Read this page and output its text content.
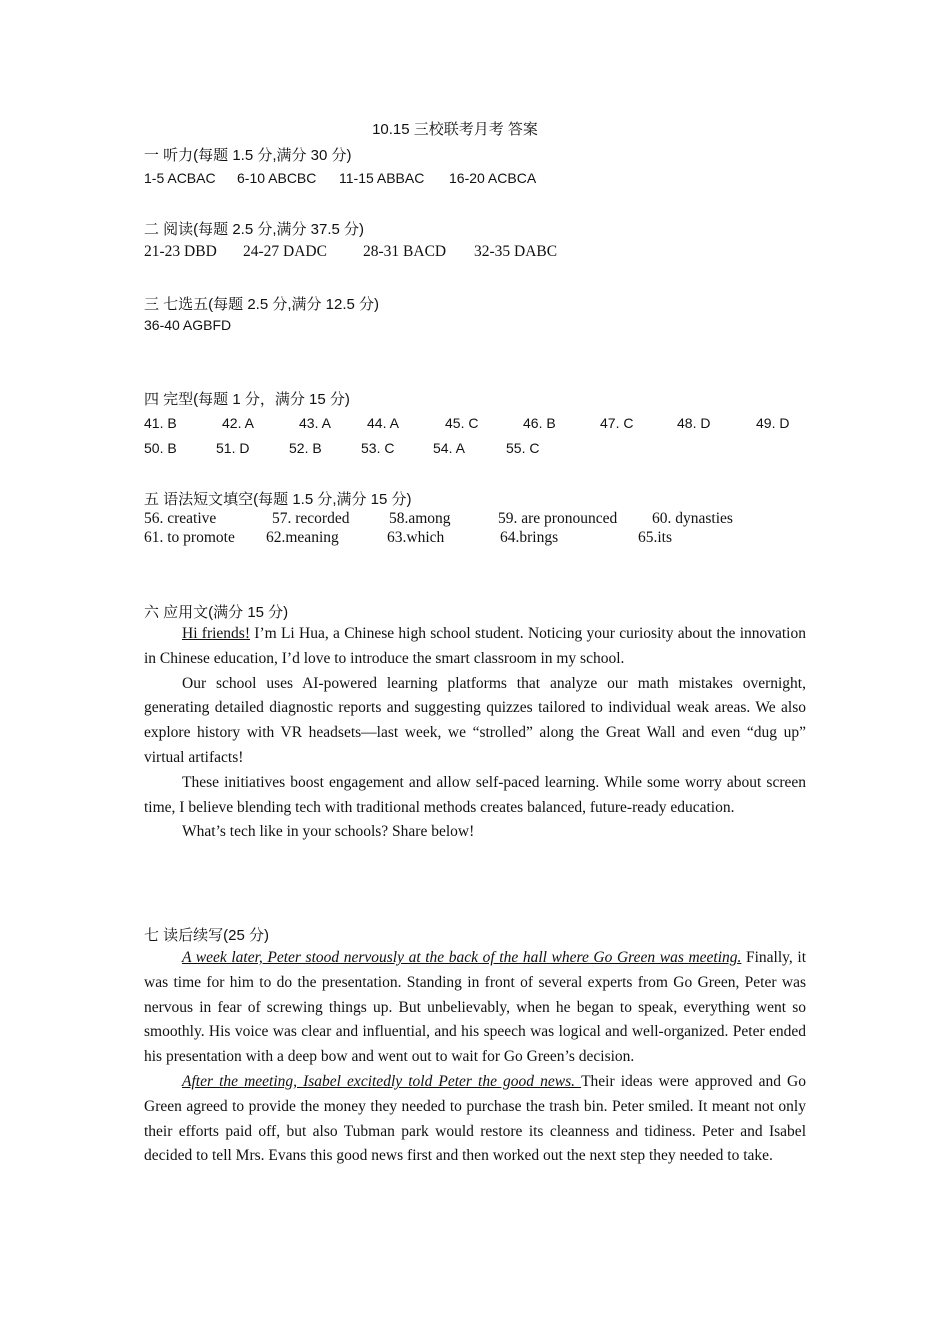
10.15 三校联考月考 答案
一 听力(每题 1.5 分,满分 30 分)
1-5 ACBAC 6-10 ABCBC 11-15 ABBAC 16-20 ACBCA
二 阅读(每题 2.5 分,满分 37.5 分)
21-23 DBD 24-27 DADC 28-31 BACD 32-35 DABC
三 七选五(每题 2.5 分,满分 12.5 分)
36-40 AGBFD
四 完型(每题 1 分，满分 15 分)
41. B	42. A	43. A	44. A	45. C	46. B	47. C	48. D	49. D
50. B	51. D	52. B	53. C	54. A	55. C
五 语法短文填空(每题 1.5 分,满分 15 分)
56. creative	57. recorded	58.among	59. are pronounced 60. dynasties
61. to promote 62.meaning	63.which	64.brings	65.its
六 应用文(满分 15 分)

Hi friends! I’m Li Hua, a Chinese high school student. Noticing your curiosity about the innovation in Chinese education, I’d love to introduce the smart classroom in my school.

Our school uses AI-powered learning platforms that analyze our math mistakes overnight, generating detailed diagnostic reports and suggesting quizzes tailored to individual weak areas. We also explore history with VR headsets—last week, we “strolled” along the Great Wall and even “dug up” virtual artifacts!

These initiatives boost engagement and allow self-paced learning. While some worry about screen time, I believe blending tech with traditional methods creates balanced, future-ready education.

What’s tech like in your schools? Share below!

七 读后续写(25 分)

A week later, Peter stood nervously at the back of the hall where Go Green was meeting. Finally, it was time for him to do the presentation. Standing in front of several experts from Go Green, Peter was nervous in fear of screwing things up. But unbelievably, when he began to speak, everything went so smoothly. His voice was clear and influential, and his speech was logical and well-organized. Peter ended his presentation with a deep bow and went out to wait for Go Green’s decision.

After the meeting, Isabel excitedly told Peter the good news. Their ideas were approved and Go Green agreed to provide the money they needed to purchase the trash bin. Peter smiled. It meant not only their efforts paid off, but also Tubman park would restore its cleanness and tidiness. Peter and Isabel decided to tell Mrs. Evans this good news first and then worked out the next step they needed to take.
